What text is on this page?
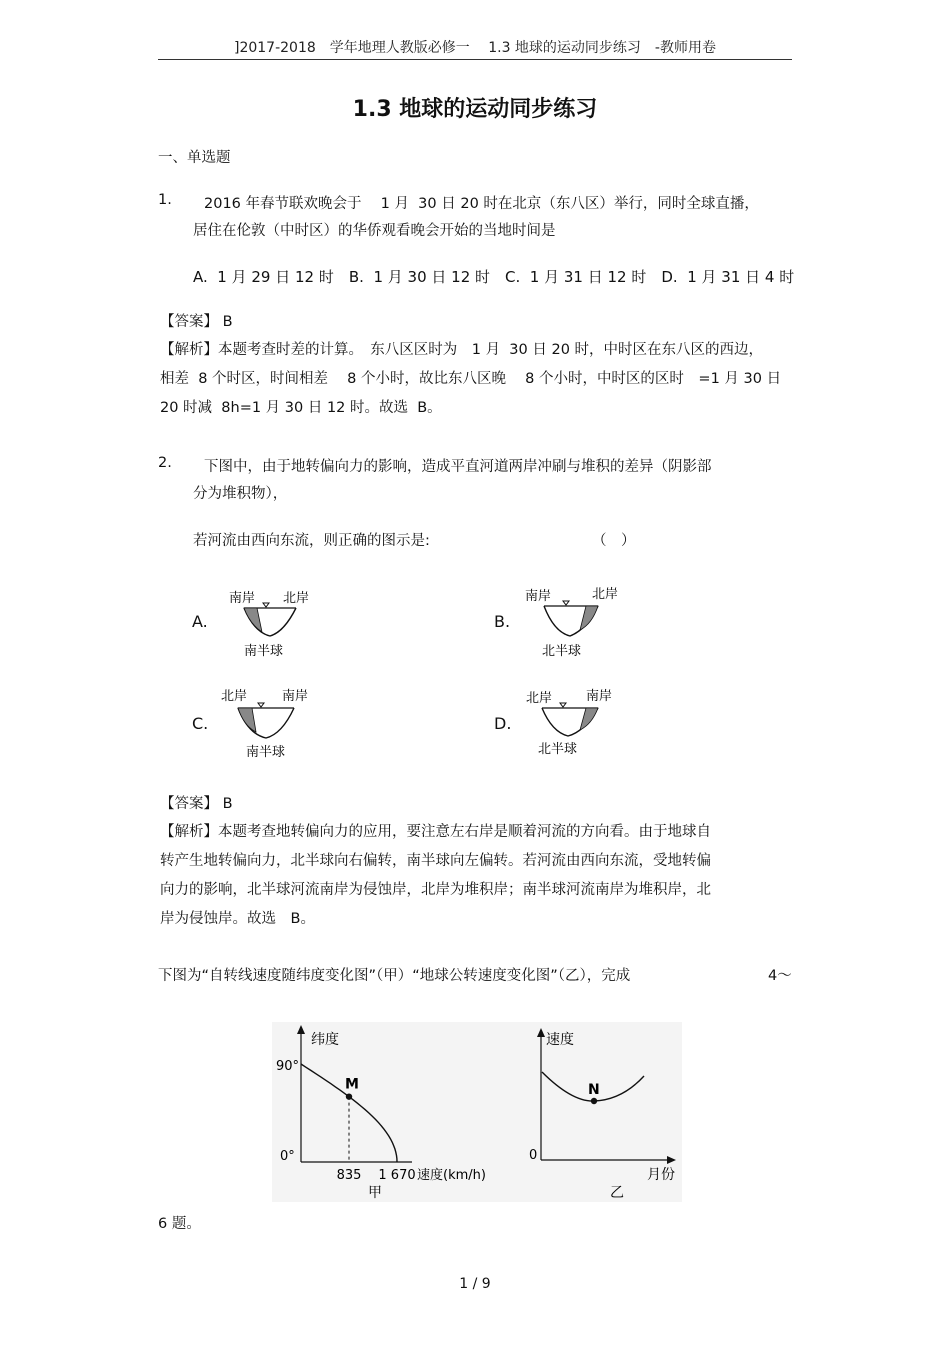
]2017-2018　学年地理人教版必修一　 1.3 地球的运动同步练习　-教师用卷
1.3 地球的运动同步练习
一、单选题
1. 2016 年春节联欢晚会于　 1 月  30 日 20 时在北京（东八区）举行，同时全球直播，
居住在伦敦（中时区）的华侨观看晚会开始的当地时间是
A.  1 月 29 日 12 时　B.  1 月 30 日 12 时　C.  1 月 31 日 12 时　D.  1 月 31 日 4 时
【答案】 B
【解析】本题考查时差的计算。　东八区区时为　1 月  30 日 20 时，中时区在东八区的西边，
相差  8 个时区，时间相差　 8 个小时，故比东八区晚　 8 个小时，中时区的区时　=1 月 30 日
20 时减  8h=1 月 30 日 12 时。故选  B。
2. 下图中，由于地转偏向力的影响，造成平直河道两岸冲刷与堆积的差异（阴影部
分为堆积物），
若河流由西向东流，则正确的图示是:	（　）
A.
南岸 北岸
南半球
B.
南岸	北岸
北半球
C.
北岸	南岸
南半球
D.
北岸	南岸
北半球
【答案】 B
【解析】本题考查地转偏向力的应用，要注意左右岸是顺着河流的方向看。由于地球自
转产生地转偏向力，北半球向右偏转，南半球向左偏转。若河流由西向东流，受地转偏
向力的影响，北半球河流南岸为侵蚀岸，北岸为堆积岸；南半球河流南岸为堆积岸，北
岸为侵蚀岸。故选　B。
下图为“自转线速度随纬度变化图”（甲）“地球公转速度变化图”（乙），完成	4～
纬度
90°
0°
835 1 670 速度(km/h)
M
甲
速度
0
月份
N
乙
6 题。
1 / 9
